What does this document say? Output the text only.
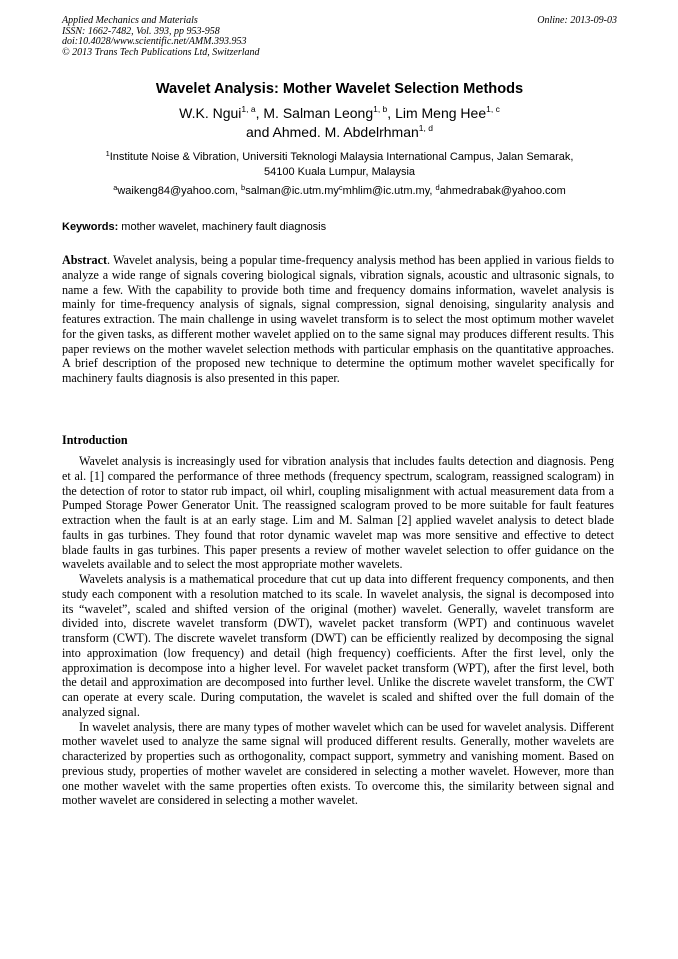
Applied Mechanics and Materials
ISSN: 1662-7482, Vol. 393, pp 953-958
doi:10.4028/www.scientific.net/AMM.393.953
© 2013 Trans Tech Publications Ltd, Switzerland
Online: 2013-09-03
Wavelet Analysis: Mother Wavelet Selection Methods
W.K. Ngui$^{1, a}$, M. Salman Leong$^{1, b}$, Lim Meng Hee$^{1, c}$
and Ahmed. M. Abdelrhman$^{1, d}$
$^1$Institute Noise & Vibration, Universiti Teknologi Malaysia International Campus, Jalan Semarak,
54100 Kuala Lumpur, Malaysia
$^a$waikeng84@yahoo.com, $^bsalman@ic.utm.my^cmhlim@ic.utm.my$, $^d$ahmedrabak@yahoo.com
Keywords: mother wavelet, machinery fault diagnosis
Abstract. Wavelet analysis, being a popular time-frequency analysis method has been applied in various fields to analyze a wide range of signals covering biological signals, vibration signals, acoustic and ultrasonic signals, to name a few. With the capability to provide both time and frequency domains information, wavelet analysis is mainly for time-frequency analysis of signals, signal compression, signal denoising, singularity analysis and features extraction. The main challenge in using wavelet transform is to select the most optimum mother wavelet for the given tasks, as different mother wavelet applied on to the same signal may produces different results. This paper reviews on the mother wavelet selection methods with particular emphasis on the quantitative approaches. A brief description of the proposed new technique to determine the optimum mother wavelet specifically for machinery faults diagnosis is also presented in this paper.
Introduction

Wavelet analysis is increasingly used for vibration analysis that includes faults detection and diagnosis. Peng et al. [1] compared the performance of three methods (frequency spectrum, scalogram, reassigned scalogram) in the detection of rotor to stator rub impact, oil whirl, coupling misalignment with actual measurement data from a Pumped Storage Power Generator Unit. The reassigned scalogram proved to be more suitable for fault features extraction when the fault is at an early stage. Lim and M. Salman [2] applied wavelet analysis to detect blade faults in gas turbines. They found that rotor dynamic wavelet map was more sensitive and effective to detect blade faults in gas turbines. This paper presents a review of mother wavelet selection to offer guidance on the wavelets available and to select the most appropriate mother wavelets.

Wavelets analysis is a mathematical procedure that cut up data into different frequency components, and then study each component with a resolution matched to its scale. In wavelet analysis, the signal is decomposed into its “wavelet”, scaled and shifted version of the original (mother) wavelet. Generally, wavelet transform are divided into, discrete wavelet transform (DWT), wavelet packet transform (WPT) and continuous wavelet transform (CWT). The discrete wavelet transform (DWT) can be efficiently realized by decomposing the signal into approximation (low frequency) and detail (high frequency) coefficients. After the first level, only the approximation is decompose into a higher level. For wavelet packet transform (WPT), after the first level, both the detail and approximation are decomposed into further level. Unlike the discrete wavelet transform, the CWT can operate at every scale. During computation, the wavelet is scaled and shifted over the full domain of the analyzed signal.

In wavelet analysis, there are many types of mother wavelet which can be used for wavelet analysis. Different mother wavelet used to analyze the same signal will produced different results. Generally, mother wavelets are characterized by properties such as orthogonality, compact support, symmetry and vanishing moment. Based on previous study, properties of mother wavelet are considered in selecting a mother wavelet. However, more than one mother wavelet with the same properties often exists. To overcome this, the similarity between signal and mother wavelet are considered in selecting a mother wavelet.
